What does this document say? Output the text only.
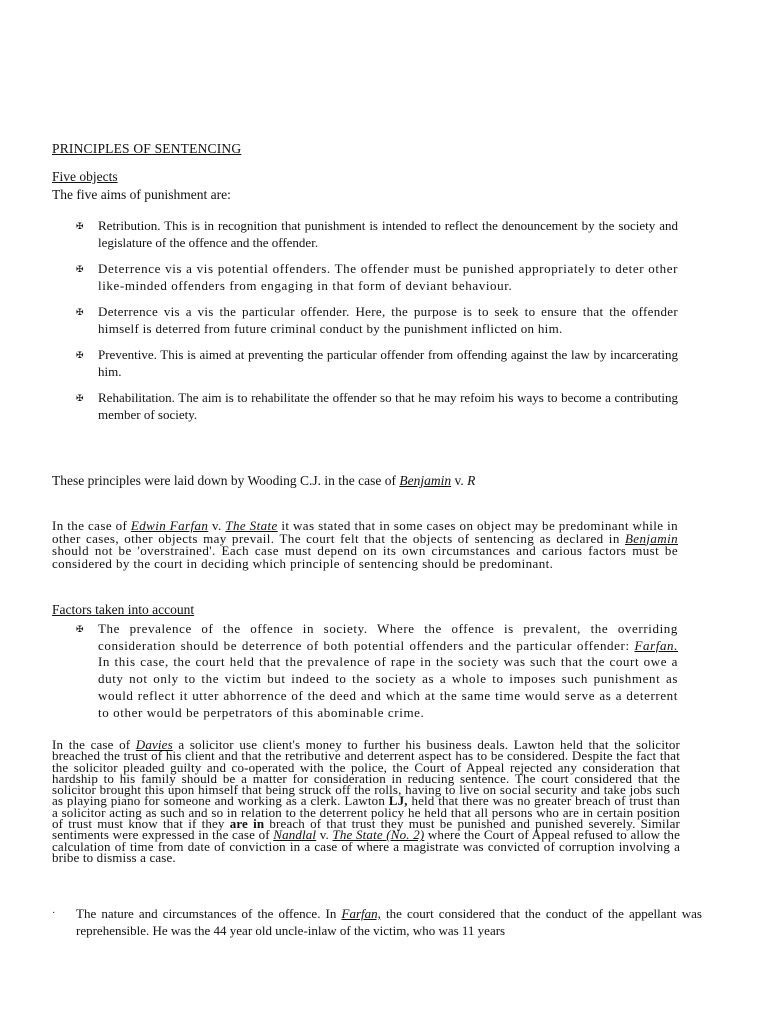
PRINCIPLES OF SENTENCING
Five objects
The five aims of punishment are:
✠ Retribution. This is in recognition that punishment is intended to reflect the denouncement by the society and legislature of the offence and the offender.
✠ Deterrence vis a vis potential offenders. The offender must be punished appropriately to deter other like-minded offenders from engaging in that form of deviant behaviour.
✠ Deterrence vis a vis the particular offender. Here, the purpose is to seek to ensure that the offender himself is deterred from future criminal conduct by the punishment inflicted on him.
✠ Preventive. This is aimed at preventing the particular offender from offending against the law by incarcerating him.
✠ Rehabilitation. The aim is to rehabilitate the offender so that he may refoim his ways to become a contributing member of society.
These principles were laid down by Wooding C.J. in the case of Benjamin v. R

In the case of Edwin Farfan v. The State it was stated that in some cases on object may be predominant while in other cases, other objects may prevail. The court felt that the objects of sentencing as declared in Benjamin should not be 'overstrained'. Each case must depend on its own circumstances and carious factors must be considered by the court in deciding which principle of sentencing should be predominant.

Factors taken into account
✠ The prevalence of the offence in society. Where the offence is prevalent, the overriding consideration should be deterrence of both potential offenders and the particular offender: Farfan. In this case, the court held that the prevalence of rape in the society was such that the court owe a duty not only to the victim but indeed to the society as a whole to imposes such punishment as would reflect it utter abhorrence of the deed and which at the same time would serve as a deterrent to other would be perpetrators of this abominable crime.

In the case of Davies a solicitor use client's money to further his business deals. Lawton held that the solicitor breached the trust of his client and that the retributive and deterrent aspect has to be considered. Despite the fact that the solicitor pleaded guilty and co-operated with the police, the Court of Appeal rejected any consideration that hardship to his family should be a matter for consideration in reducing sentence. The court considered that the solicitor brought this upon himself that being struck off the rolls, having to live on social security and take jobs such as playing piano for someone and working as a clerk. Lawton LJ, held that there was no greater breach of trust than a solicitor acting as such and so in relation to the deterrent policy he held that all persons who are in certain position of trust must know that if they are in breach of that trust they must be punished and punished severely. Similar sentiments were expressed in the case of Nandlal v. The State (No. 2) where the Court of Appeal refused to allow the calculation of time from date of conviction in a case of where a magistrate was convicted of corruption involving a bribe to dismiss a case.

· The nature and circumstances of the offence. In Farfan, the court considered that the conduct of the appellant was reprehensible. He was the 44 year old uncle-inlaw of the victim, who was 11 years
